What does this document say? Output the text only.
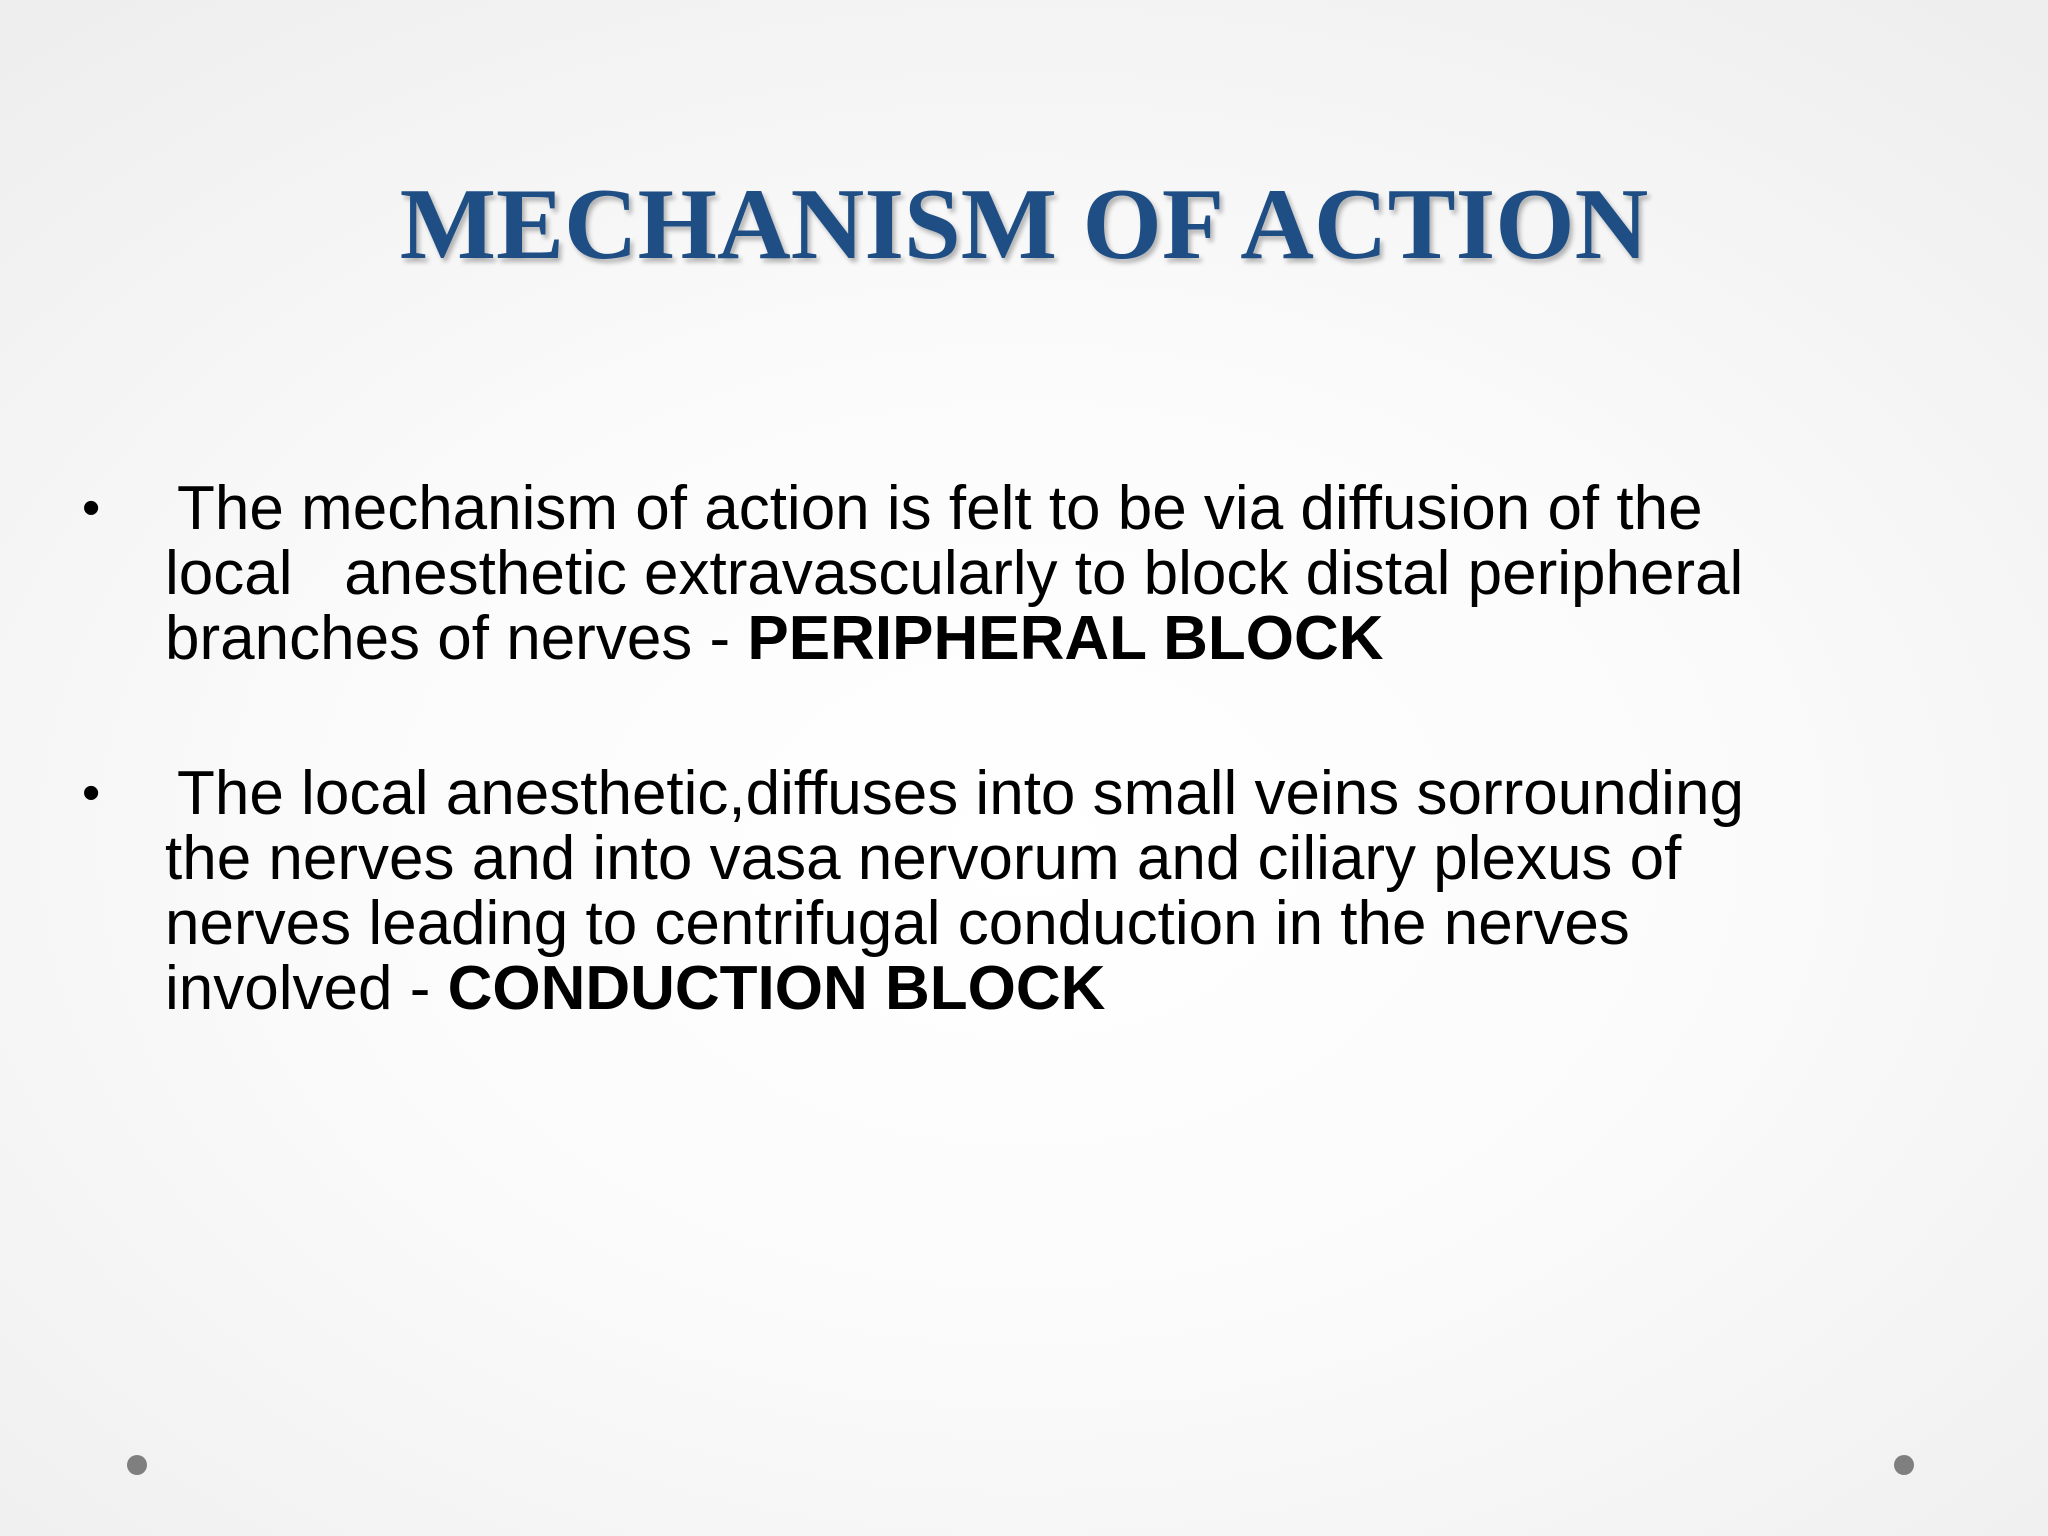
MECHANISM OF ACTION
•	The mechanism of action is felt to be via diffusion of the
local   anesthetic extravascularly to block distal peripheral
branches of nerves - PERIPHERAL BLOCK
•	The local anesthetic,diffuses into small veins sorrounding
the nerves and into vasa nervorum and ciliary plexus of
nerves leading to centrifugal conduction in the nerves
involved - CONDUCTION BLOCK
